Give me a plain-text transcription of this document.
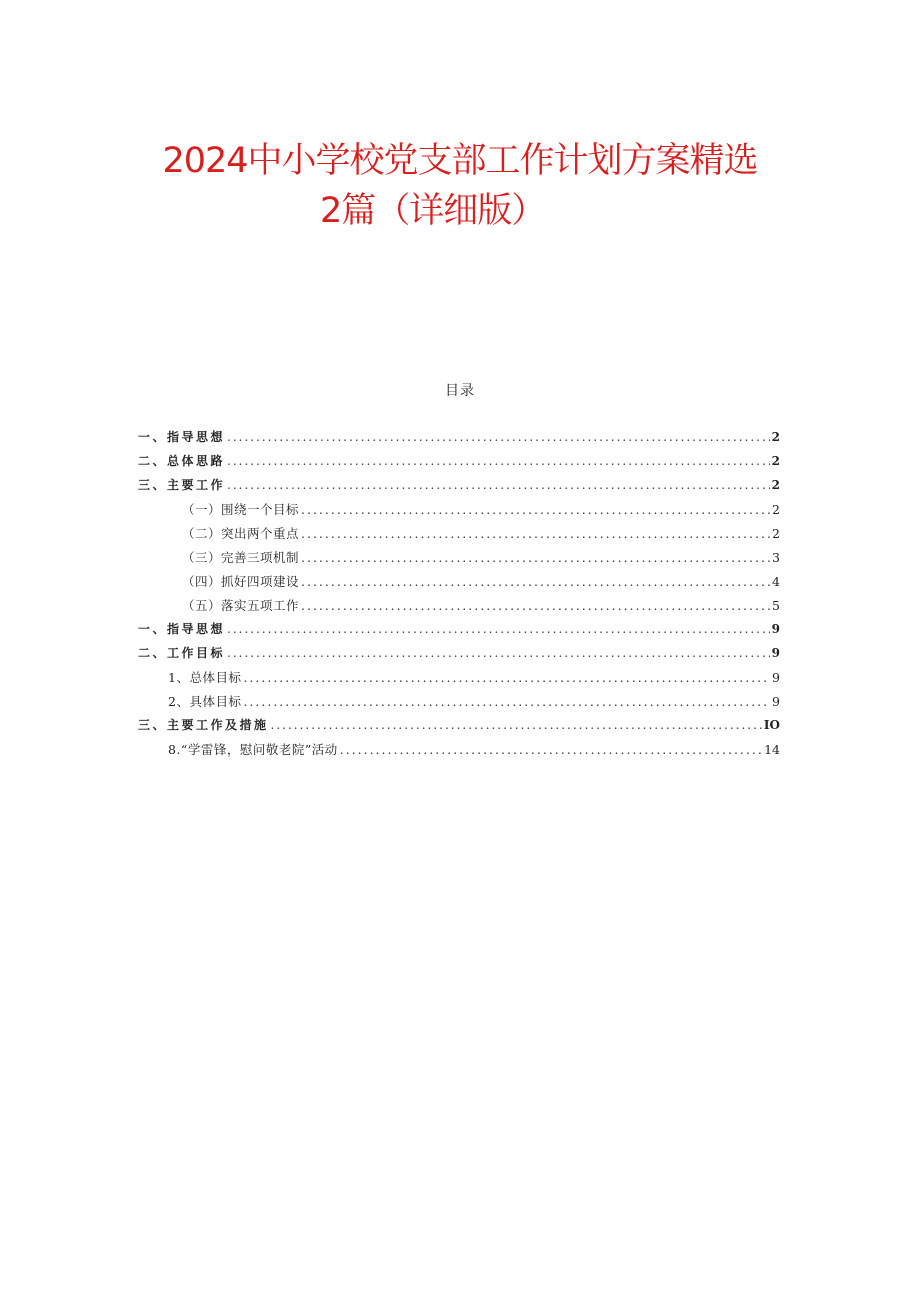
2024中小学校党支部工作计划方案精选
2篇（详细版）
目录
一、指导思想 .....	2
二、总体思路 .....	2
三、主要工作 .....	2
（一）围绕一个目标 .....	2
（二）突出两个重点 .....	2
（三）完善三项机制 .....	3
（四）抓好四项建设 .....	4
（五）落实五项工作 .....	5
一、指导思想 .....	9
二、工作目标 .....	9
1、总体目标 .....	9
2、具体目标 .....	9
三、主要工作及措施 .....	IO
8.“学雷锋，慰问敬老院”活动 .....	14
